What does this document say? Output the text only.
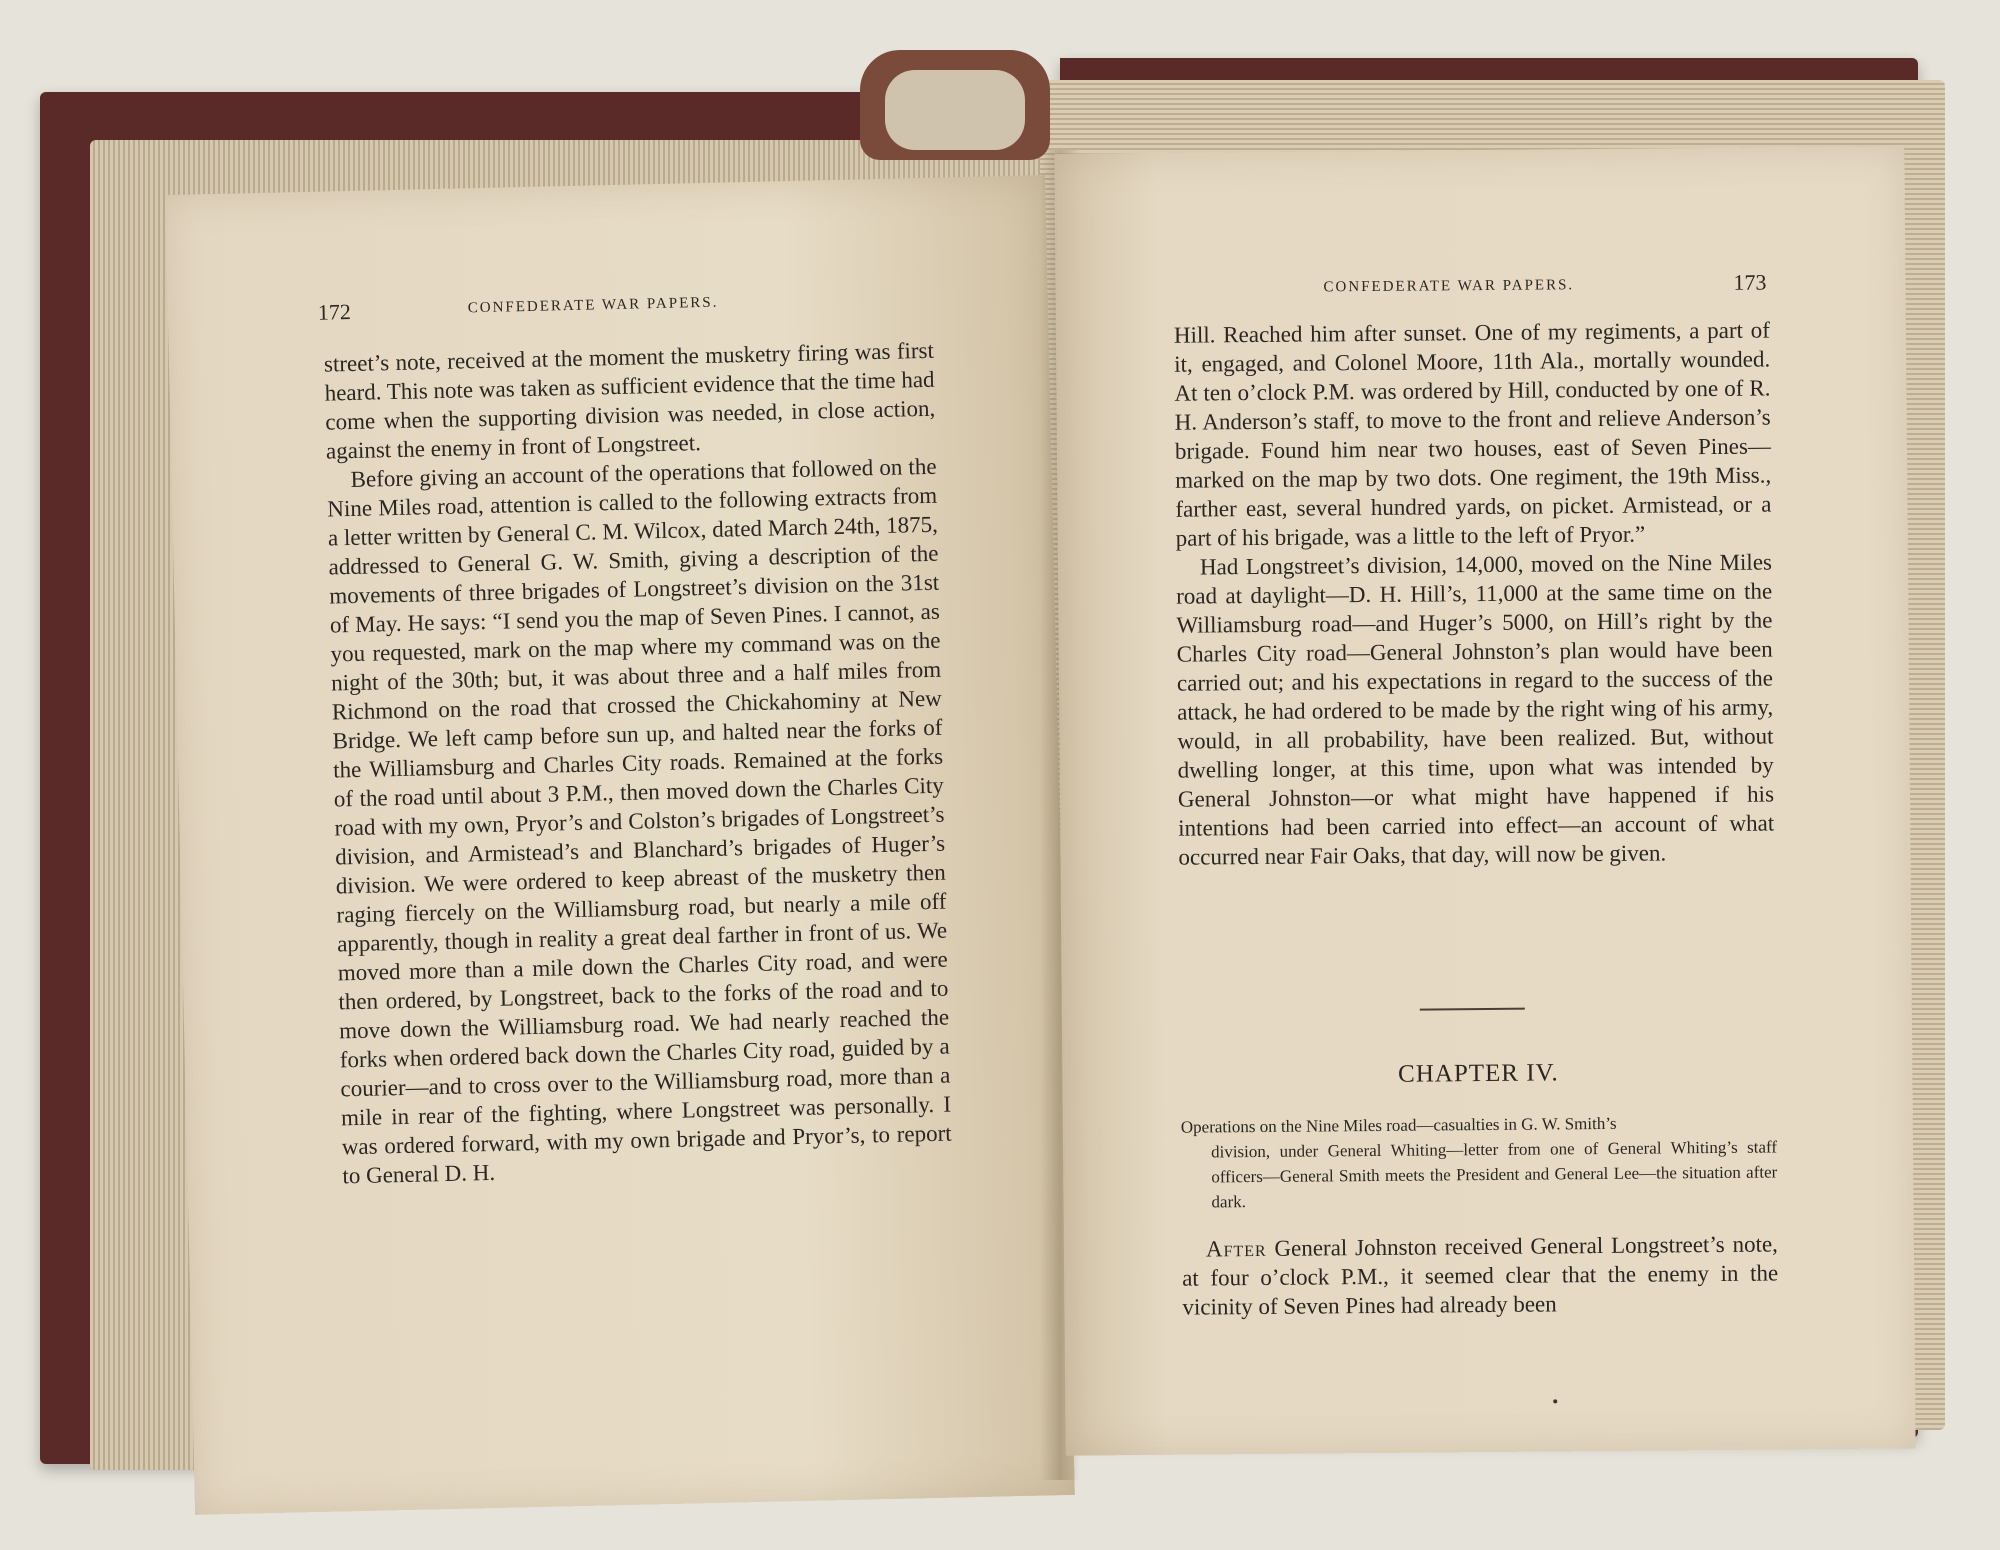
172	CONFEDERATE WAR PAPERS.

street’s note, received at the moment the musketry firing was first heard. This note was taken as sufficient evidence that the time had come when the supporting division was needed, in close action, against the enemy in front of Longstreet.

Before giving an account of the operations that followed on the Nine Miles road, attention is called to the following extracts from a letter written by General C. M. Wilcox, dated March 24th, 1875, addressed to General G. W. Smith, giving a description of the movements of three brigades of Longstreet’s division on the 31st of May. He says: “I send you the map of Seven Pines. I cannot, as you requested, mark on the map where my command was on the night of the 30th; but, it was about three and a half miles from Richmond on the road that crossed the Chickahominy at New Bridge. We left camp before sun up, and halted near the forks of the Williamsburg and Charles City roads. Remained at the forks of the road until about 3 P.M., then moved down the Charles City road with my own, Pryor’s and Colston’s brigades of Longstreet’s division, and Armistead’s and Blanchard’s brigades of Huger’s division. We were ordered to keep abreast of the musketry then raging fiercely on the Williamsburg road, but nearly a mile off apparently, though in reality a great deal farther in front of us. We moved more than a mile down the Charles City road, and were then ordered, by Longstreet, back to the forks of the road and to move down the Williamsburg road. We had nearly reached the forks when ordered back down the Charles City road, guided by a courier—and to cross over to the Williamsburg road, more than a mile in rear of the fighting, where Longstreet was personally. I was ordered forward, with my own brigade and Pryor’s, to report to General D. H.

CONFEDERATE WAR PAPERS.	173

Hill. Reached him after sunset. One of my regiments, a part of it, engaged, and Colonel Moore, 11th Ala., mortally wounded. At ten o’clock P.M. was ordered by Hill, conducted by one of R. H. Anderson’s staff, to move to the front and relieve Anderson’s brigade. Found him near two houses, east of Seven Pines—marked on the map by two dots. One regiment, the 19th Miss., farther east, several hundred yards, on picket. Armistead, or a part of his brigade, was a little to the left of Pryor.”

Had Longstreet’s division, 14,000, moved on the Nine Miles road at daylight—D. H. Hill’s, 11,000 at the same time on the Williamsburg road—and Huger’s 5000, on Hill’s right by the Charles City road—General Johnston’s plan would have been carried out; and his expectations in regard to the success of the attack, he had ordered to be made by the right wing of his army, would, in all probability, have been realized. But, without dwelling longer, at this time, upon what was intended by General Johnston—or what might have happened if his intentions had been carried into effect—an account of what occurred near Fair Oaks, that day, will now be given.

CHAPTER IV.
Operations on the Nine Miles road—casualties in G. W. Smith’s
division, under General Whiting—letter from one of General Whiting’s staff officers—General Smith meets the President and General Lee—the situation after dark.

After General Johnston received General Longstreet’s note, at four o’clock P.M., it seemed clear that the enemy in the vicinity of Seven Pines had already been
